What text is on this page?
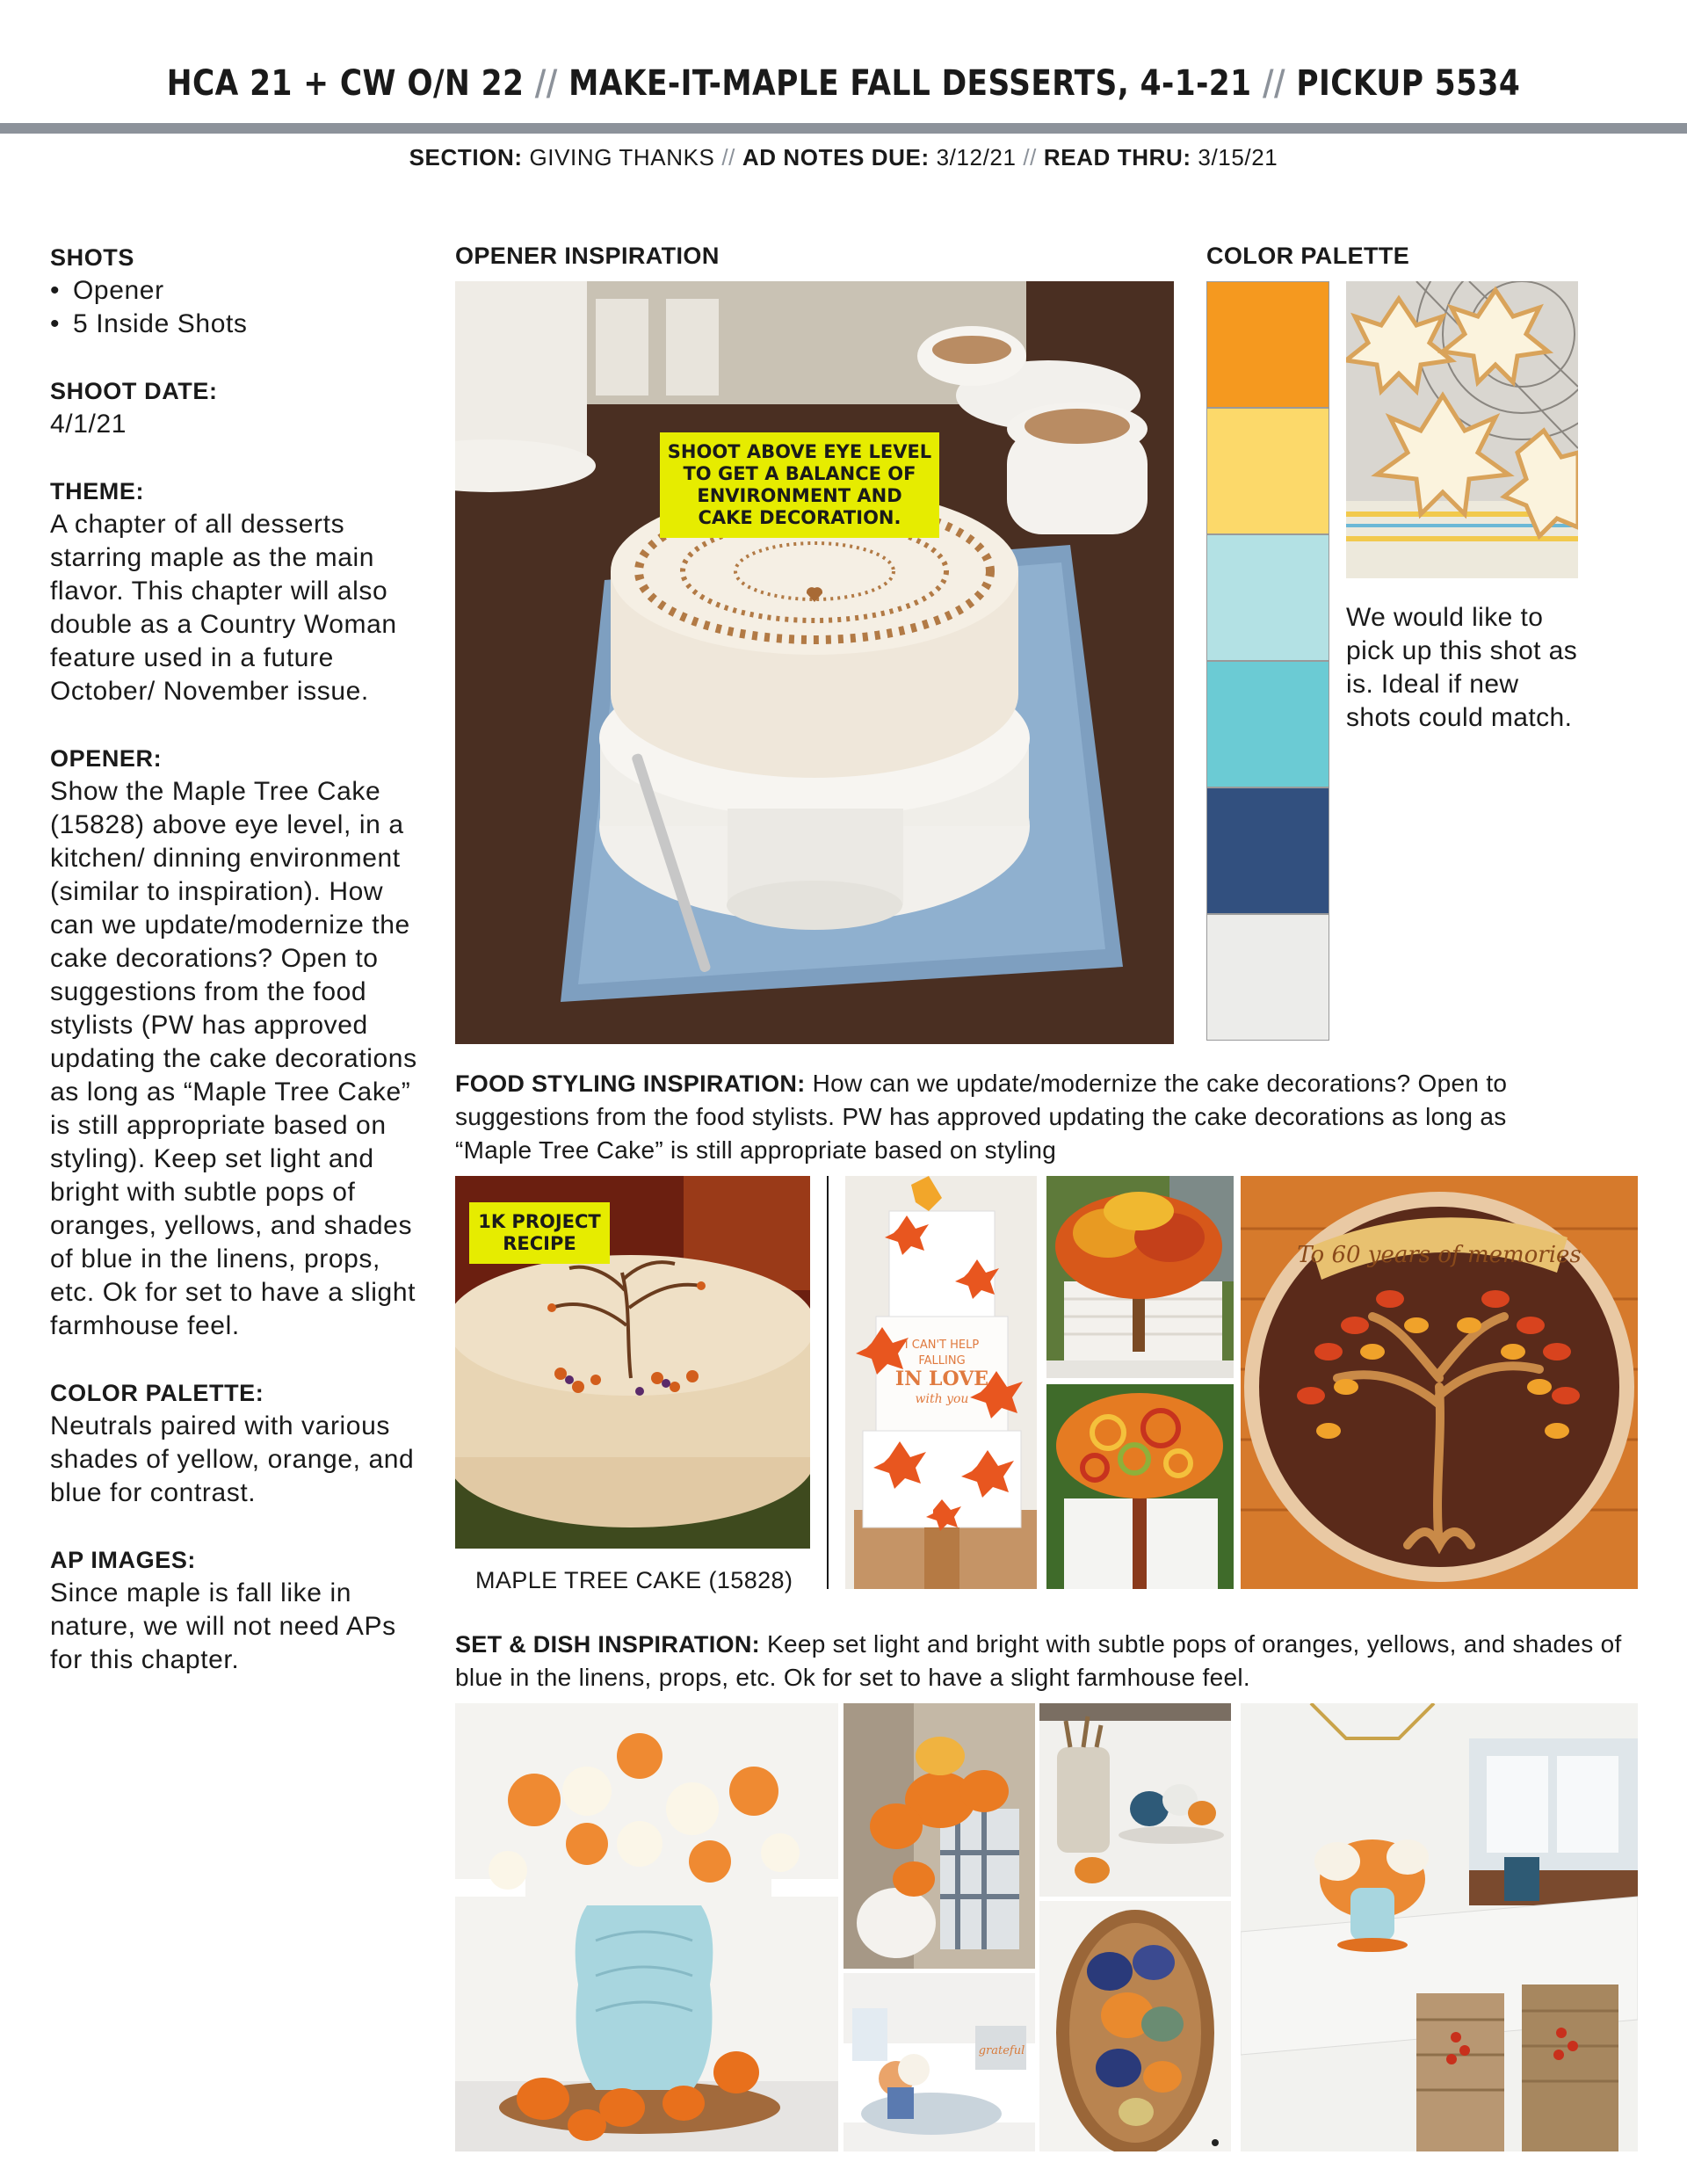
HCA 21 + CW O/N 22 // MAKE-IT-MAPLE FALL DESSERTS, 4-1-21 // PICKUP 5534
SECTION: GIVING THANKS // AD NOTES DUE: 3/12/21 // READ THRU: 3/15/21
SHOTS
• Opener
• 5 Inside Shots
SHOOT DATE:
4/1/21
THEME:
A chapter of all desserts starring maple as the main flavor. This chapter will also double as a Country Woman feature used in a future October/ November issue.
OPENER:
Show the Maple Tree Cake (15828) above eye level, in a kitchen/ dinning environment (similar to inspiration). How can we update/modernize the cake decorations? Open to suggestions from the food stylists (PW has approved updating the cake decorations as long as “Maple Tree Cake” is still appropriate based on styling). Keep set light and bright with subtle pops of oranges, yellows, and shades of blue in the linens, props, etc. Ok for set to have a slight farmhouse feel.
COLOR PALETTE:
Neutrals paired with various shades of yellow, orange, and blue for contrast.
AP IMAGES:
Since maple is fall like in nature, we will not need APs for this chapter.
OPENER INSPIRATION
SHOOT ABOVE EYE LEVEL TO GET A BALANCE OF ENVIRONMENT AND CAKE DECORATION.
COLOR PALETTE
We would like to pick up this shot as is. Ideal if new shots could match.
FOOD STYLING INSPIRATION: How can we update/modernize the cake decorations? Open to suggestions from the food stylists. PW has approved updating the cake decorations as long as “Maple Tree Cake” is still appropriate based on styling
1K PROJECT RECIPE
MAPLE TREE CAKE (15828)
I CAN'T HELP
FALLING
IN LOVE
with you
To 60 years of memories
SET & DISH INSPIRATION: Keep set light and bright with subtle pops of oranges, yellows, and shades of blue in the linens, props, etc. Ok for set to have a slight farmhouse feel.
grateful
